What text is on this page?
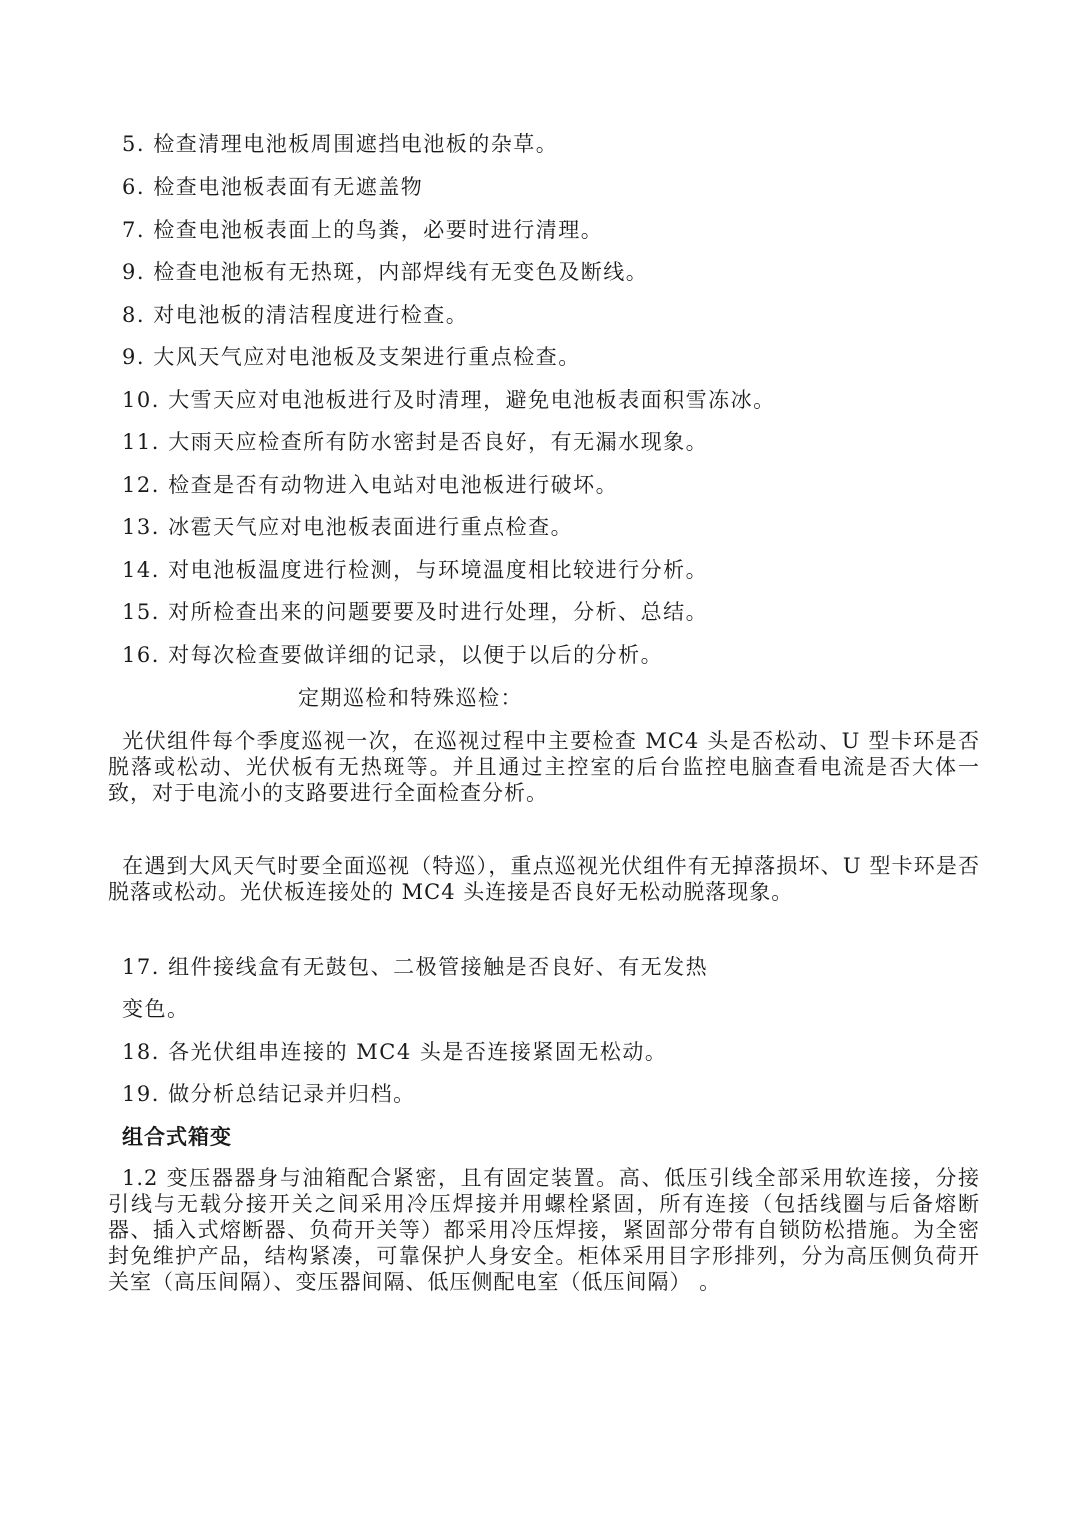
5. 检查清理电池板周围遮挡电池板的杂草。
6. 检查电池板表面有无遮盖物
7. 检查电池板表面上的鸟粪，必要时进行清理。
9. 检查电池板有无热斑，内部焊线有无变色及断线。
8. 对电池板的清洁程度进行检查。
9. 大风天气应对电池板及支架进行重点检查。
10. 大雪天应对电池板进行及时清理，避免电池板表面积雪冻冰。
11. 大雨天应检查所有防水密封是否良好，有无漏水现象。
12. 检查是否有动物进入电站对电池板进行破坏。
13. 冰雹天气应对电池板表面进行重点检查。
14. 对电池板温度进行检测，与环境温度相比较进行分析。
15. 对所检查出来的问题要要及时进行处理，分析、总结。
16. 对每次检查要做详细的记录，以便于以后的分析。
定期巡检和特殊巡检：
光伏组件每个季度巡视一次，在巡视过程中主要检查 MC4 头是否松动、U 型卡环是否脱落或松动、光伏板有无热斑等。并且通过主控室的后台监控电脑查看电流是否大体一致，对于电流小的支路要进行全面检查分析。
在遇到大风天气时要全面巡视（特巡），重点巡视光伏组件有无掉落损坏、U 型卡环是否脱落或松动。光伏板连接处的 MC4 头连接是否良好无松动脱落现象。
17. 组件接线盒有无鼓包、二极管接触是否良好、有无发热
变色。
18. 各光伏组串连接的 MC4 头是否连接紧固无松动。
19. 做分析总结记录并归档。
组合式箱变
1.2 变压器器身与油箱配合紧密，且有固定装置。高、低压引线全部采用软连接，分接引线与无载分接开关之间采用冷压焊接并用螺栓紧固，所有连接（包括线圈与后备熔断器、插入式熔断器、负荷开关等）都采用冷压焊接，紧固部分带有自锁防松措施。为全密封免维护产品，结构紧凑，可靠保护人身安全。柜体采用目字形排列，分为高压侧负荷开关室（高压间隔）、变压器间隔、低压侧配电室（低压间隔） 。
